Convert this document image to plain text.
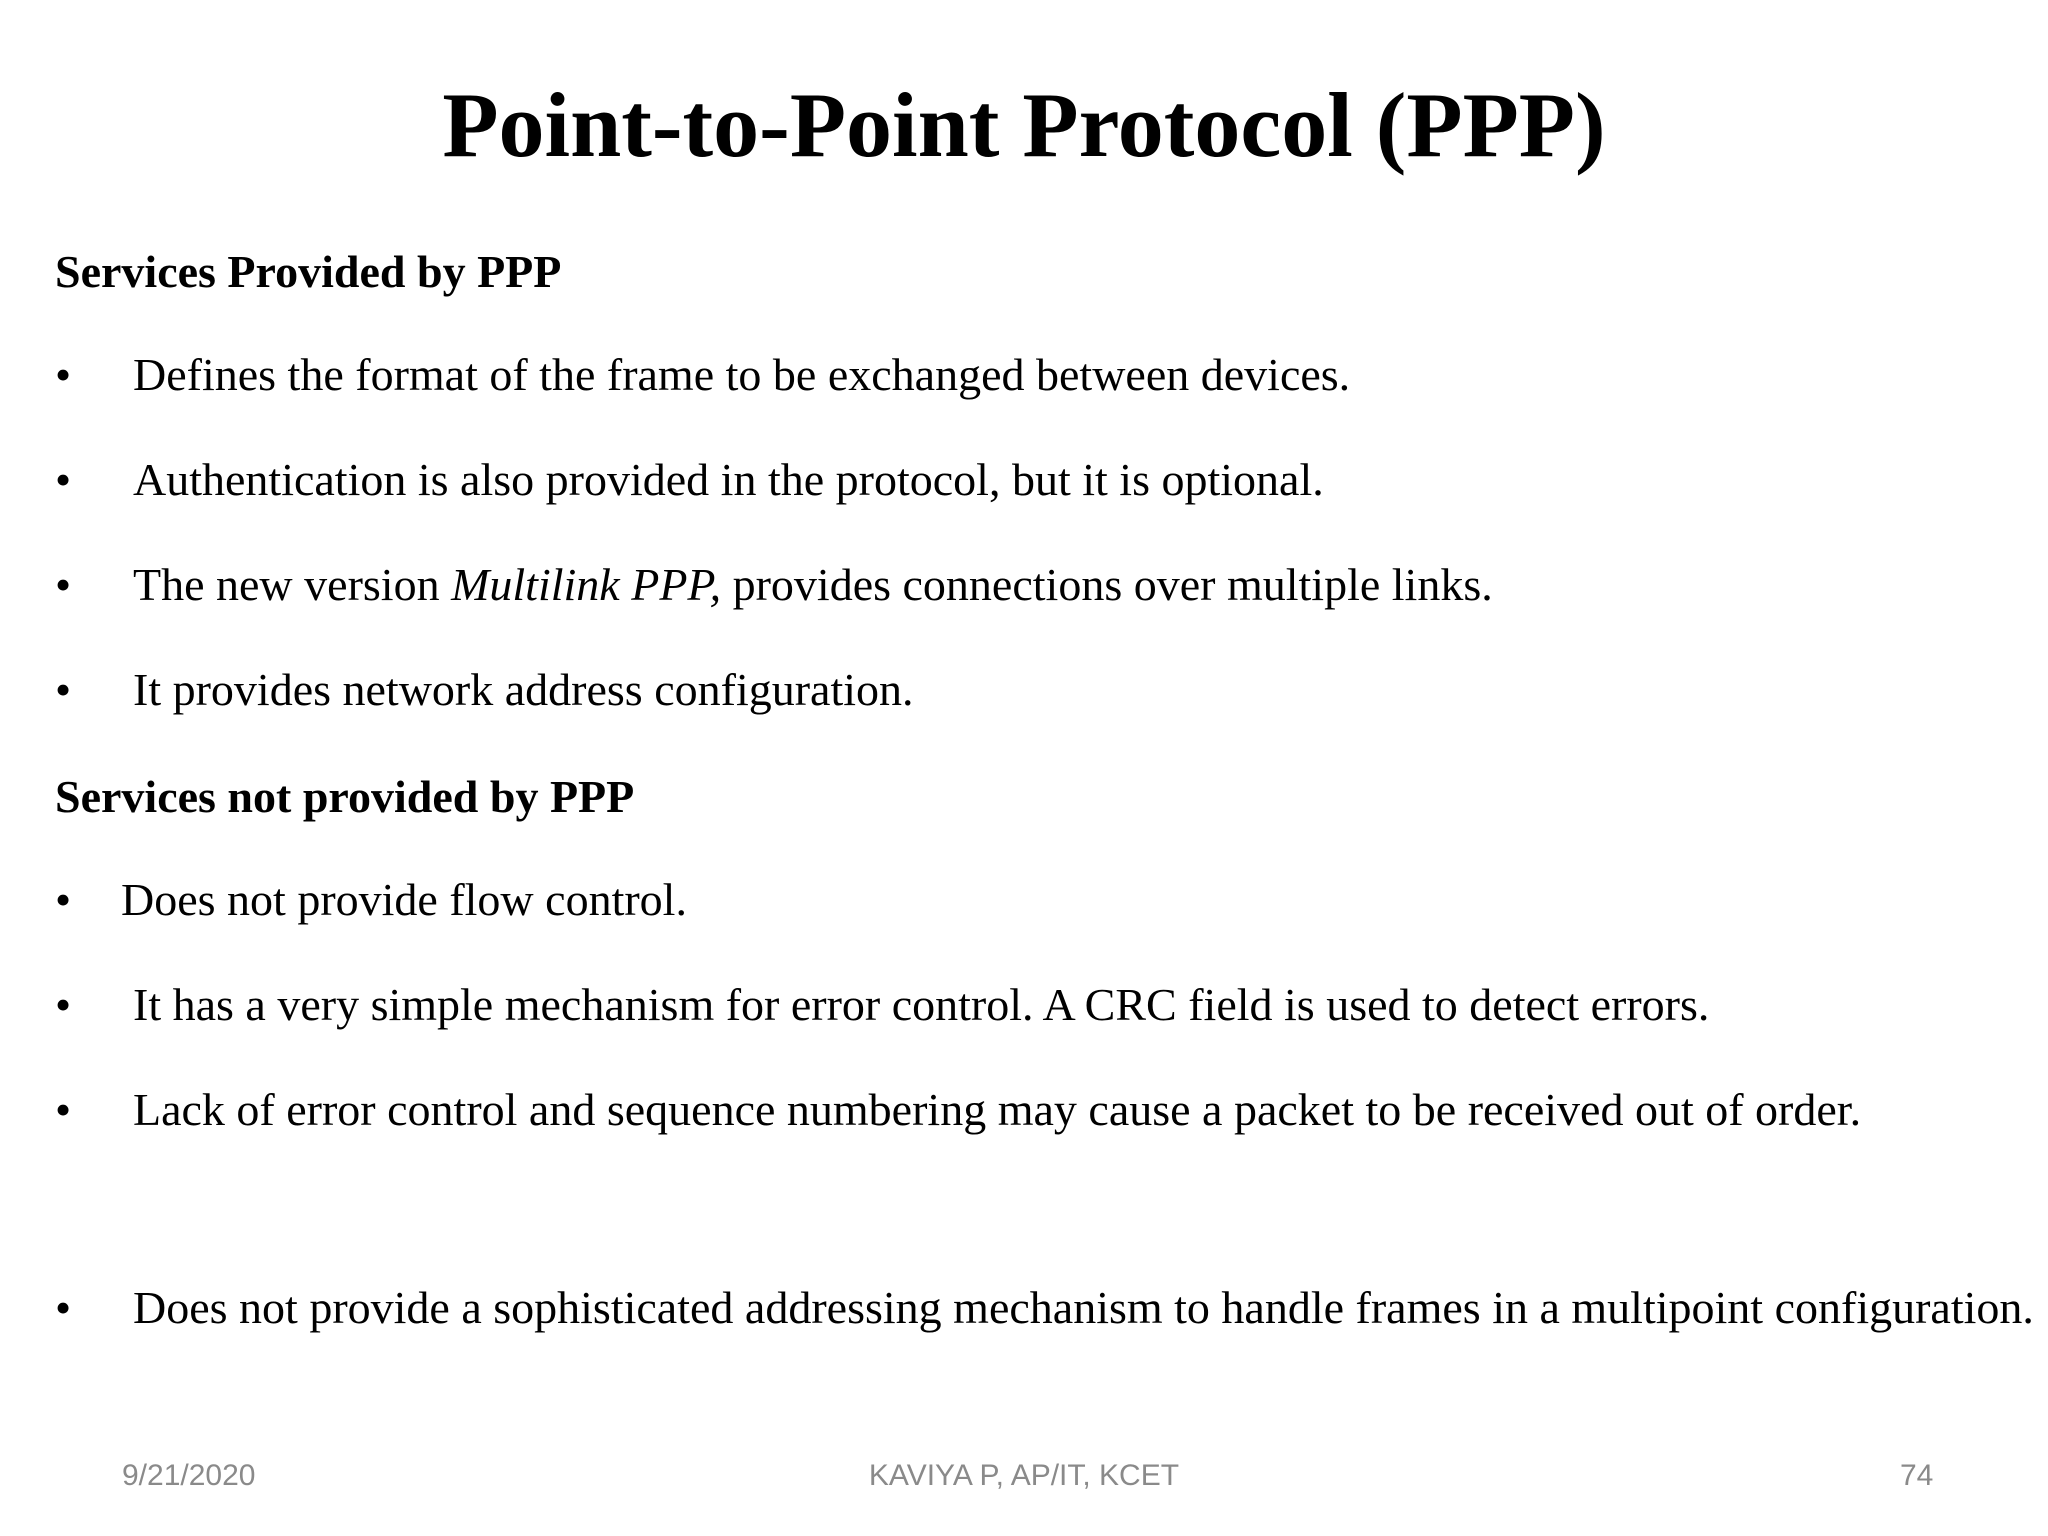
Point-to-Point Protocol (PPP)
Services Provided by PPP
•	Defines the format of the frame to be exchanged between devices.
•	Authentication is also provided in the protocol, but it is optional.
•	The new version Multilink PPP, provides connections over multiple links.
•	It provides network address configuration.
Services not provided by PPP
•	Does not provide flow control.
•	It has a very simple mechanism for error control. A CRC field is used to detect errors.
•	Lack of error control and sequence numbering may cause a packet to be received out of order.
•	Does not provide a sophisticated addressing mechanism to handle frames in a multipoint configuration.
9/21/2020	KAVIYA P, AP/IT, KCET	74
